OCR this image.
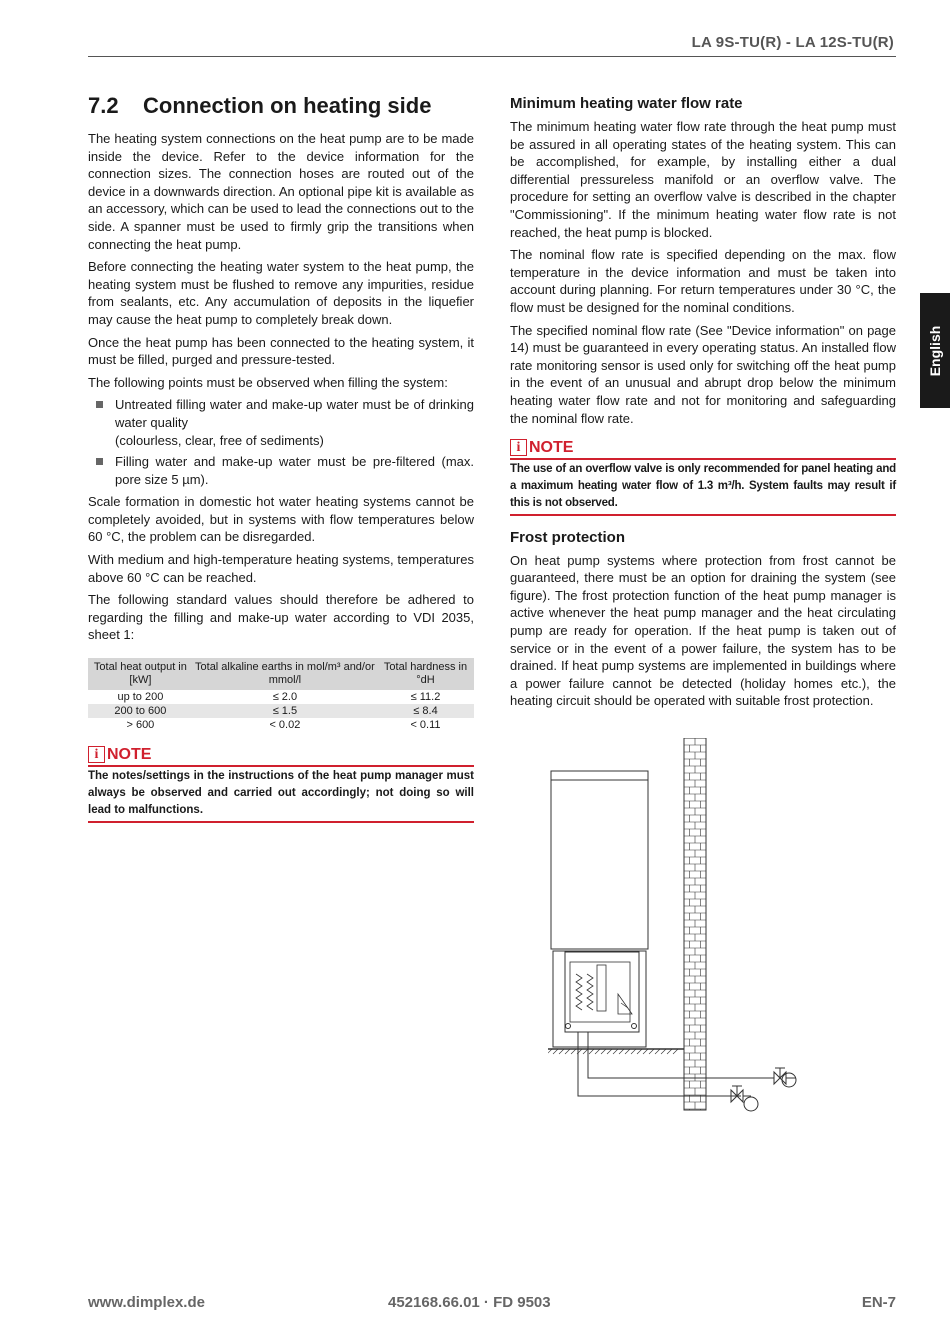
LA 9S-TU(R) - LA 12S-TU(R)
7.2 Connection on heating side

The heating system connections on the heat pump are to be made inside the device. Refer to the device information for the connection sizes. The connection hoses are routed out of the device in a downwards direction. An optional pipe kit is available as an accessory, which can be used to lead the connections out to the side. A spanner must be used to firmly grip the transitions when connecting the heat pump.

Before connecting the heating water system to the heat pump, the heating system must be flushed to remove any impurities, residue from sealants, etc. Any accumulation of deposits in the liquefier may cause the heat pump to completely break down.

Once the heat pump has been connected to the heating system, it must be filled, purged and pressure-tested.

The following points must be observed when filling the system:

Untreated filling water and make-up water must be of drinking water quality
(colourless, clear, free of sediments)
Filling water and make-up water must be pre-filtered (max. pore size 5 µm).

Scale formation in domestic hot water heating systems cannot be completely avoided, but in systems with flow temperatures below 60 °C, the problem can be disregarded.

With medium and high-temperature heating systems, temperatures above 60 °C can be reached.

The following standard values should therefore be adhered to regarding the filling and make-up water according to VDI 2035, sheet 1:

Total heat output in [kW]	Total alkaline earths in mol/m³ and/or mmol/l	Total hardness in °dH
up to 200	≤ 2.0	≤ 11.2
200 to 600	≤ 1.5	≤ 8.4
> 600	< 0.02	< 0.11
i NOTE
The notes/settings in the instructions of the heat pump manager must always be observed and carried out accordingly; not doing so will lead to malfunctions.
Minimum heating water flow rate

The minimum heating water flow rate through the heat pump must be assured in all operating states of the heating system. This can be accomplished, for example, by installing either a dual differential pressureless manifold or an overflow valve. The procedure for setting an overflow valve is described in the chapter "Commissioning". If the minimum heating water flow rate is not reached, the heat pump is blocked.

The nominal flow rate is specified depending on the max. flow temperature in the device information and must be taken into account during planning. For return temperatures under 30 °C, the flow must be designed for the nominal conditions.

The specified nominal flow rate (See "Device information" on page 14) must be guaranteed in every operating status. An installed flow rate monitoring sensor is used only for switching off the heat pump in the event of an unusual and abrupt drop below the minimum heating water flow rate and not for monitoring and safeguarding the nominal flow rate.

i NOTE
The use of an overflow valve is only recommended for panel heating and a maximum heating water flow of 1.3 m³/h. System faults may result if this is not observed.
Frost protection

On heat pump systems where protection from frost cannot be guaranteed, there must be an option for draining the system (see figure). The frost protection function of the heat pump manager is active whenever the heat pump manager and the heat circulating pump are ready for operation. If the heat pump is taken out of service or in the event of a power failure, the system has to be drained. If heat pump systems are implemented in buildings where a power failure cannot be detected (holiday homes etc.), the heating circuit should be operated with suitable frost protection.

English
www.dimplex.de	452168.66.01 · FD 9503	EN-7
